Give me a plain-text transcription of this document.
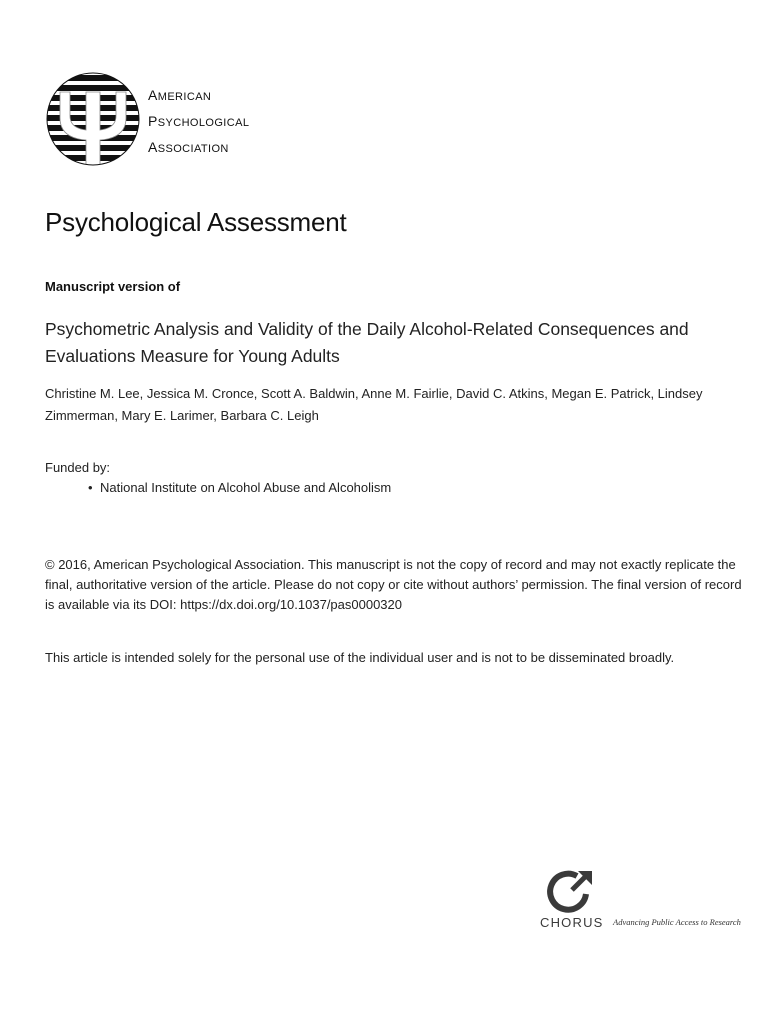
american
psychological
association
Psychological Assessment
Manuscript version of
Psychometric Analysis and Validity of the Daily Alcohol-Related Consequences and Evaluations Measure for Young Adults
Christine M. Lee, Jessica M. Cronce, Scott A. Baldwin, Anne M. Fairlie, David C. Atkins, Megan E. Patrick, Lindsey Zimmerman, Mary E. Larimer, Barbara C. Leigh
Funded by:
• National Institute on Alcohol Abuse and Alcoholism
© 2016, American Psychological Association. This manuscript is not the copy of record and may not exactly replicate the final, authoritative version of the article. Please do not copy or cite without authors’ permission. The final version of record is available via its DOI: https://dx.doi.org/10.1037/pas0000320
This article is intended solely for the personal use of the individual user and is not to be disseminated broadly.
CHORUS Advancing Public Access to Research
